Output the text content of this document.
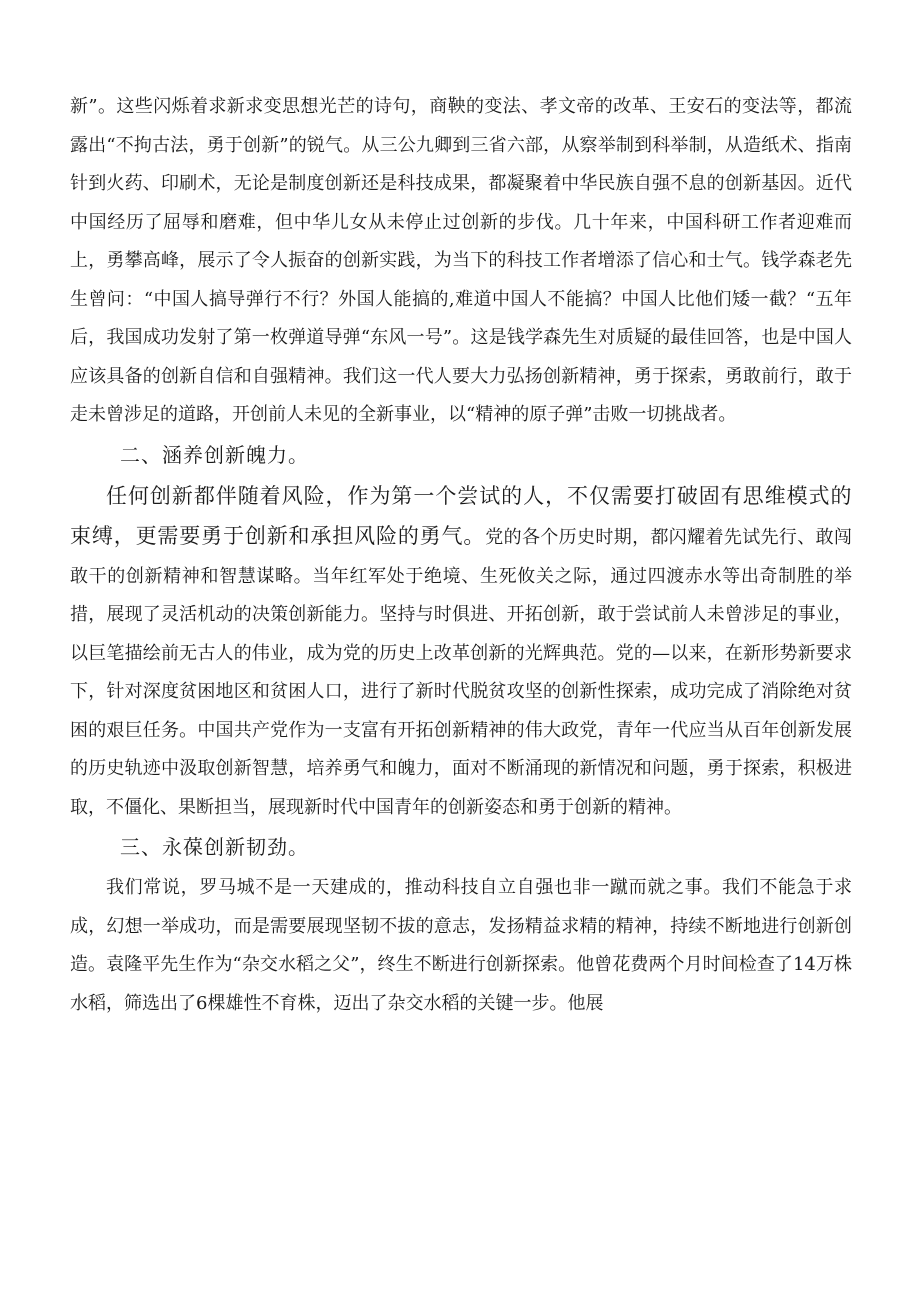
新”。这些闪烁着求新求变思想光芒的诗句，商鞅的变法、孝文帝的改革、王安石的变法等，都流露出“不拘古法，勇于创新”的锐气。从三公九卿到三省六部，从察举制到科举制，从造纸术、指南针到火药、印刷术，无论是制度创新还是科技成果，都凝聚着中华民族自强不息的创新基因。近代中国经历了屈辱和磨难，但中华儿女从未停止过创新的步伐。几十年来，中国科研工作者迎难而上，勇攀高峰，展示了令人振奋的创新实践，为当下的科技工作者增添了信心和士气。钱学森老先生曾问：“中国人搞导弹行不行？外国人能搞的,难道中国人不能搞？中国人比他们矮一截？“五年后，我国成功发射了第一枚弹道导弹“东风一号”。这是钱学森先生对质疑的最佳回答，也是中国人应该具备的创新自信和自强精神。我们这一代人要大力弘扬创新精神，勇于探索，勇敢前行，敢于走未曾涉足的道路，开创前人未见的全新事业，以“精神的原子弹”击败一切挑战者。

二、涵养创新魄力。

任何创新都伴随着风险，作为第一个尝试的人，不仅需要打破固有思维模式的束缚，更需要勇于创新和承担风险的勇气。党的各个历史时期，都闪耀着先试先行、敢闯敢干的创新精神和智慧谋略。当年红军处于绝境、生死攸关之际，通过四渡赤水等出奇制胜的举措，展现了灵活机动的决策创新能力。坚持与时俱进、开拓创新，敢于尝试前人未曾涉足的事业，以巨笔描绘前无古人的伟业，成为党的历史上改革创新的光辉典范。党的—以来，在新形势新要求下，针对深度贫困地区和贫困人口，进行了新时代脱贫攻坚的创新性探索，成功完成了消除绝对贫困的艰巨任务。中国共产党作为一支富有开拓创新精神的伟大政党，青年一代应当从百年创新发展的历史轨迹中汲取创新智慧，培养勇气和魄力，面对不断涌现的新情况和问题，勇于探索，积极进取，不僵化、果断担当，展现新时代中国青年的创新姿态和勇于创新的精神。

三、永葆创新韧劲。

我们常说，罗马城不是一天建成的，推动科技自立自强也非一蹴而就之事。我们不能急于求成，幻想一举成功，而是需要展现坚韧不拔的意志，发扬精益求精的精神，持续不断地进行创新创造。袁隆平先生作为“杂交水稻之父”，终生不断进行创新探索。他曾花费两个月时间检查了14万株水稻，筛选出了6棵雄性不育株，迈出了杂交水稻的关键一步。他展
